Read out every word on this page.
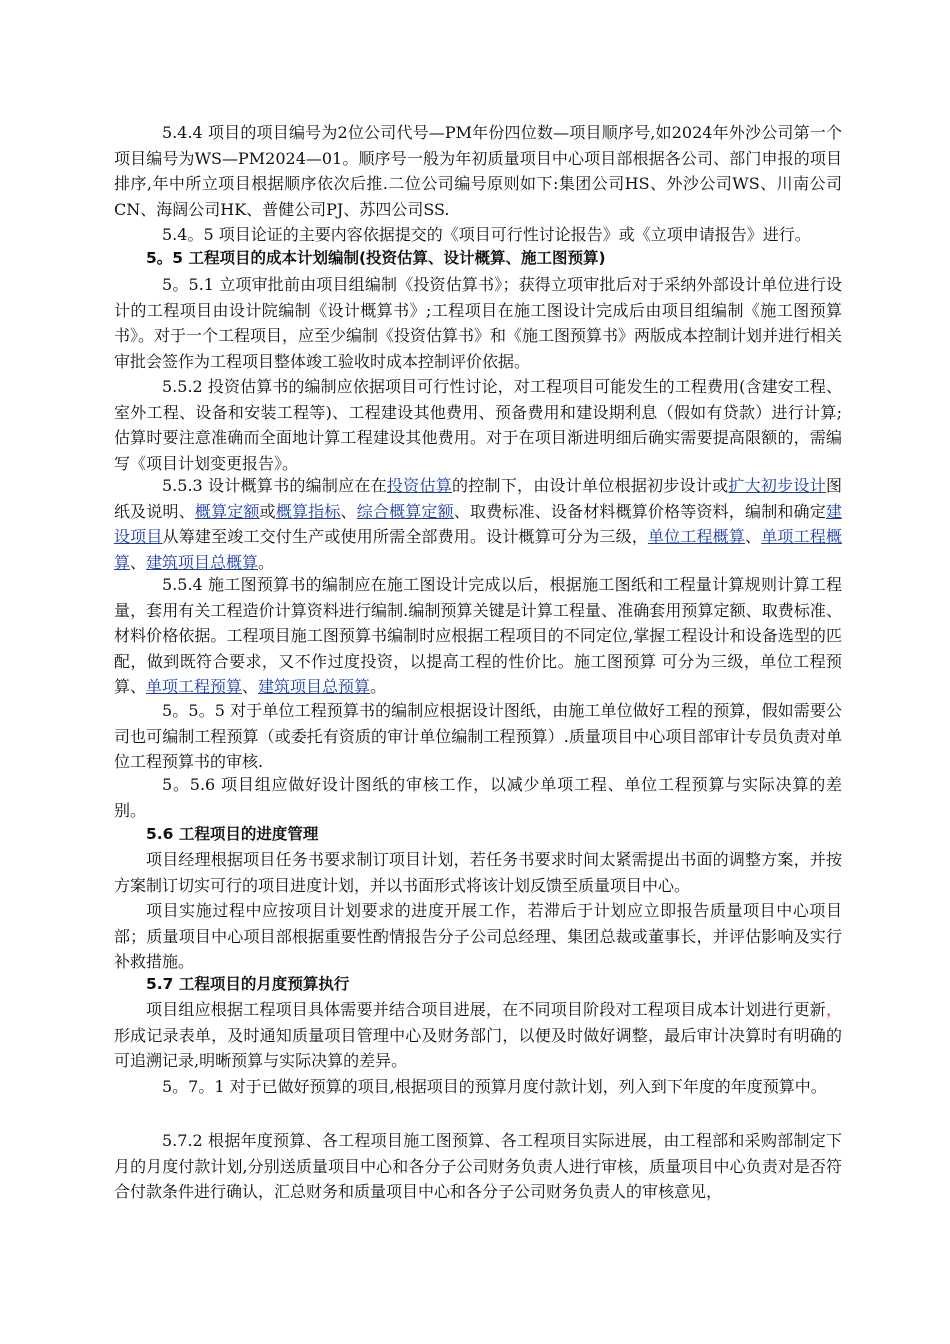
5.4.4 项目的项目编号为2位公司代号—PM年份四位数—项目顺序号,如2024年外沙公司第一个项目编号为WS—PM2024—01。顺序号一般为年初质量项目中心项目部根据各公司、部门申报的项目排序,年中所立项目根据顺序依次后推.二位公司编号原则如下:集团公司HS、外沙公司WS、川南公司CN、海阔公司HK、普健公司PJ、苏四公司SS.

5.4。5 项目论证的主要内容依据提交的《项目可行性讨论报告》或《立项申请报告》进行。

5。5 工程项目的成本计划编制(投资估算、设计概算、施工图预算)

5。5.1 立项审批前由项目组编制《投资估算书》；获得立项审批后对于采纳外部设计单位进行设计的工程项目由设计院编制《设计概算书》;工程项目在施工图设计完成后由项目组编制《施工图预算书》。对于一个工程项目，应至少编制《投资估算书》和《施工图预算书》两版成本控制计划并进行相关审批会签作为工程项目整体竣工验收时成本控制评价依据。

5.5.2 投资估算书的编制应依据项目可行性讨论，对工程项目可能发生的工程费用(含建安工程、室外工程、设备和安装工程等)、工程建设其他费用、预备费用和建设期利息（假如有贷款）进行计算;估算时要注意准确而全面地计算工程建设其他费用。对于在项目渐进明细后确实需要提高限额的，需编写《项目计划变更报告》。

5.5.3 设计概算书的编制应在在投资估算的控制下，由设计单位根据初步设计或扩大初步设计图纸及说明、概算定额或概算指标、综合概算定额、取费标准、设备材料概算价格等资料，编制和确定建设项目从筹建至竣工交付生产或使用所需全部费用。设计概算可分为三级，单位工程概算、单项工程概算、建筑项目总概算。

5.5.4 施工图预算书的编制应在施工图设计完成以后，根据施工图纸和工程量计算规则计算工程量，套用有关工程造价计算资料进行编制.编制预算关键是计算工程量、准确套用预算定额、取费标准、材料价格依据。工程项目施工图预算书编制时应根据工程项目的不同定位,掌握工程设计和设备选型的匹配，做到既符合要求，又不作过度投资，以提高工程的性价比。施工图预算 可分为三级，单位工程预算、单项工程预算、建筑项目总预算。

5。5。5 对于单位工程预算书的编制应根据设计图纸，由施工单位做好工程的预算，假如需要公司也可编制工程预算（或委托有资质的审计单位编制工程预算）.质量项目中心项目部审计专员负责对单位工程预算书的审核.

5。5.6 项目组应做好设计图纸的审核工作，以减少单项工程、单位工程预算与实际决算的差别。

5.6 工程项目的进度管理

项目经理根据项目任务书要求制订项目计划，若任务书要求时间太紧需提出书面的调整方案，并按方案制订切实可行的项目进度计划，并以书面形式将该计划反馈至质量项目中心。

项目实施过程中应按项目计划要求的进度开展工作，若滞后于计划应立即报告质量项目中心项目部；质量项目中心项目部根据重要性酌情报告分子公司总经理、集团总裁或董事长，并评估影响及实行补救措施。

5.7 工程项目的月度预算执行

项目组应根据工程项目具体需要并结合项目进展，在不同项目阶段对工程项目成本计划进行更新，形成记录表单，及时通知质量项目管理中心及财务部门，以便及时做好调整，最后审计决算时有明确的可追溯记录,明晰预算与实际决算的差异。

5。7。1 对于已做好预算的项目,根据项目的预算月度付款计划，列入到下年度的年度预算中。

5.7.2 根据年度预算、各工程项目施工图预算、各工程项目实际进展，由工程部和采购部制定下月的月度付款计划,分别送质量项目中心和各分子公司财务负责人进行审核，质量项目中心负责对是否符合付款条件进行确认，汇总财务和质量项目中心和各分子公司财务负责人的审核意见，
